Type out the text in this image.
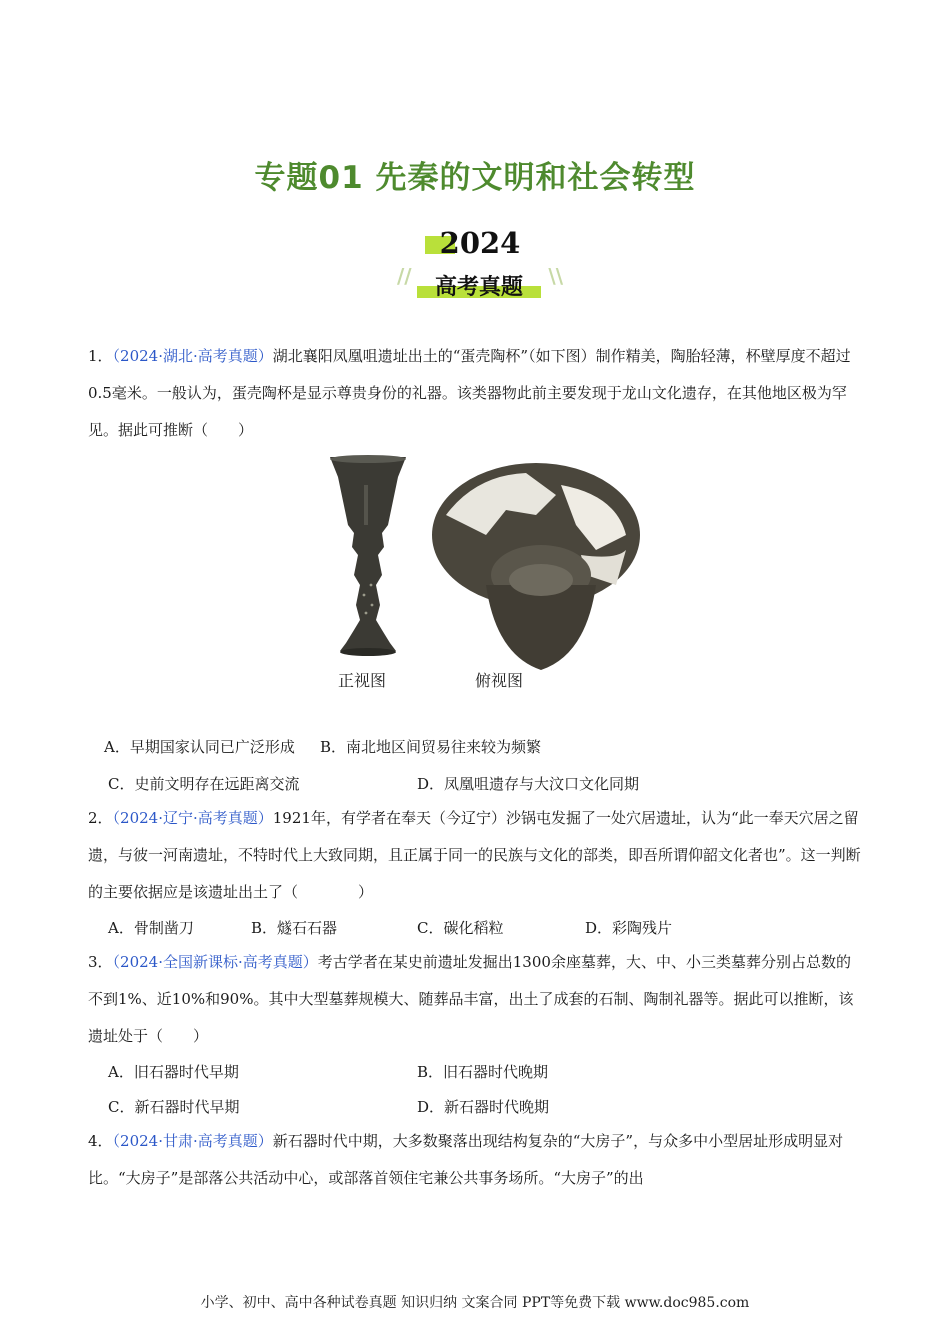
专题01 先秦的文明和社会转型
2024
//	\\
高考真题
1．（2024·湖北·高考真题）湖北襄阳凤凰咀遗址出土的“蛋壳陶杯”（如下图）制作精美，陶胎轻薄，杯壁厚度不超过0.5毫米。一般认为，蛋壳陶杯是显示尊贵身份的礼器。该类器物此前主要发现于龙山文化遗存，在其他地区极为罕见。据此可推断（　　）
正视图	俯视图
A．早期国家认同已广泛形成 B．南北地区间贸易往来较为频繁
C．史前文明存在远距离交流	D．凤凰咀遗存与大汶口文化同期
2．（2024·辽宁·高考真题）1921年，有学者在奉天（今辽宁）沙锅屯发掘了一处穴居遗址，认为“此一奉天穴居之留遗，与彼一河南遗址，不特时代上大致同期，且正属于同一的民族与文化的部类，即吾所谓仰韶文化者也”。这一判断的主要依据应是该遗址出土了（　　　　）
A．骨制凿刀	B．燧石石器	C．碳化稻粒	D．彩陶残片
3．（2024·全国新课标·高考真题）考古学者在某史前遗址发掘出1300余座墓葬，大、中、小三类墓葬分别占总数的不到1%、近10%和90%。其中大型墓葬规模大、随葬品丰富，出土了成套的石制、陶制礼器等。据此可以推断，该遗址处于（　　）
A．旧石器时代早期	B．旧石器时代晚期
C．新石器时代早期	D．新石器时代晚期
4．（2024·甘肃·高考真题）新石器时代中期，大多数聚落出现结构复杂的“大房子”，与众多中小型居址形成明显对比。“大房子”是部落公共活动中心，或部落首领住宅兼公共事务场所。“大房子”的出
小学、初中、高中各种试卷真题 知识归纳 文案合同 PPT等免费下载 www.doc985.com
